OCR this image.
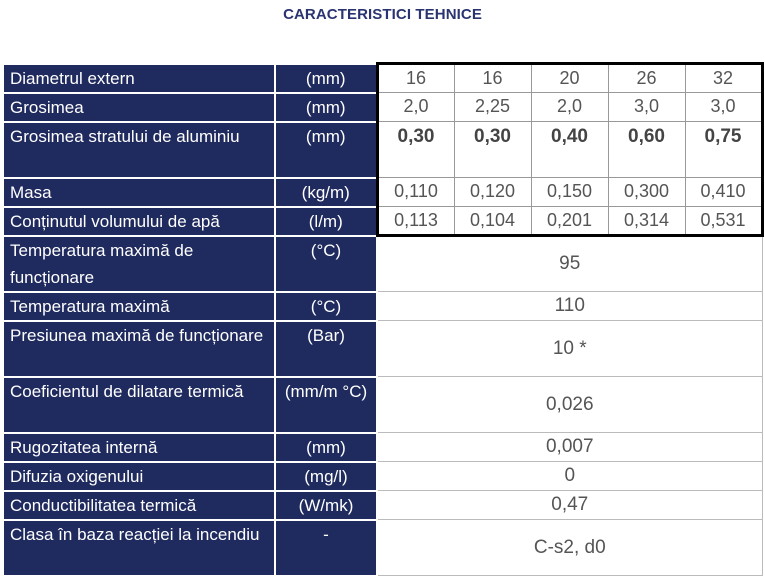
CARACTERISTICI TEHNICE
Diametrul extern	(mm)	16	16	20	26	32
Grosimea	(mm)	2,0	2,25	2,0	3,0	3,0
Grosimea stratului de aluminiu	(mm)	0,30	0,30	0,40	0,60	0,75
Masa	(kg/m)	0,110	0,120	0,150	0,300	0,410
Conținutul volumului de apă	(l/m)	0,113	0,104	0,201	0,314	0,531
Temperatura maximă de funcționare	(°C)	95				
Temperatura maximă	(°C)	110				
Presiunea maximă de funcționare	(Bar)	10 *				
Coeficientul de dilatare termică	(mm/m °C)	0,026				
Rugozitatea internă	(mm)	0,007				
Difuzia oxigenului	(mg/l)	0				
Conductibilitatea termică	(W/mk)	0,47				
Clasa în baza reacției la incendiu	-	C-s2, d0				
